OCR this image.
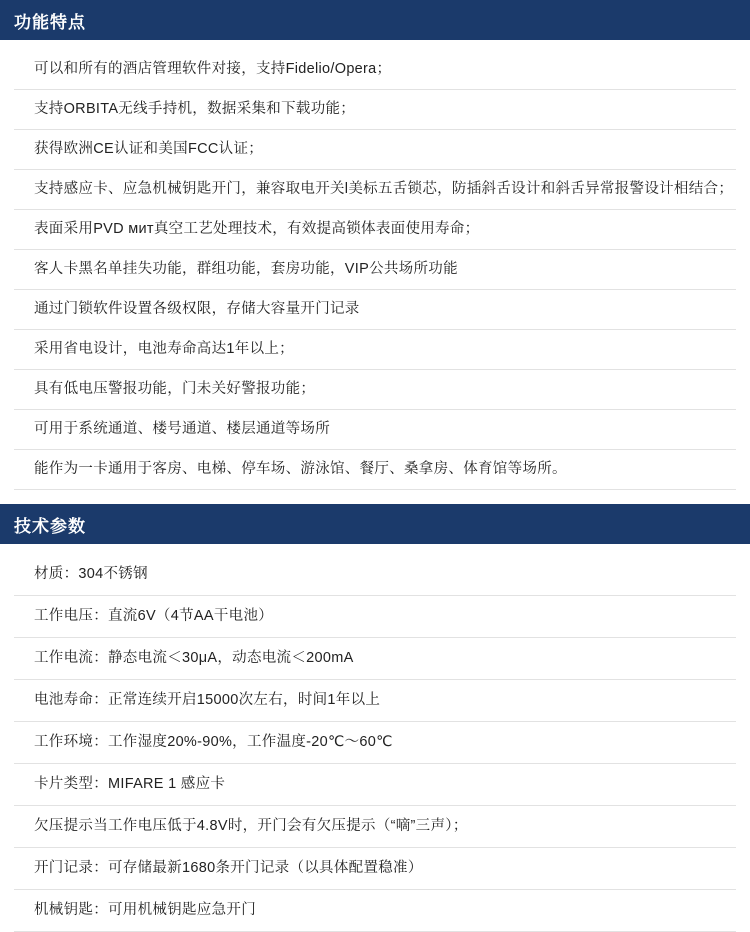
功能特点
可以和所有的酒店管理软件对接，支持Fidelio/Opera；
支持ORBITA无线手持机，数据采集和下载功能；
获得欧洲CE认证和美国FCC认证；
支持感应卡、应急机械钥匙开门，兼容取电开关l美标五舌锁芯，防插斜舌设计和斜舌异常报警设计相结合；
表面采用PVD мит真空工艺处理技术，有效提高锁体表面使用寿命；
客人卡黑名单挂失功能，群组功能，套房功能，VIP公共场所功能
通过门锁软件设置各级权限，存储大容量开门记录
采用省电设计，电池寿命高达1年以上；
具有低电压警报功能，门未关好警报功能；
可用于系统通道、楼号通道、楼层通道等场所
能作为一卡通用于客房、电梯、停车场、游泳馆、餐厅、桑拿房、体育馆等场所。
技术参数
材质：304不锈钢
工作电压：直流6V（4节AA干电池）
工作电流：静态电流＜30μA，动态电流＜200mA
电池寿命：正常连续开启15000次左右，时间1年以上
工作环境：工作湿度20%‐90%，工作温度‐20℃～60℃
卡片类型：MIFARE 1 感应卡
欠压提示当工作电压低于4.8V时，开门会有欠压提示（“嘀”三声）；
开门记录：可存储最新1680条开门记录（以具体配置稳准）
机械钥匙：可用机械钥匙应急开门
